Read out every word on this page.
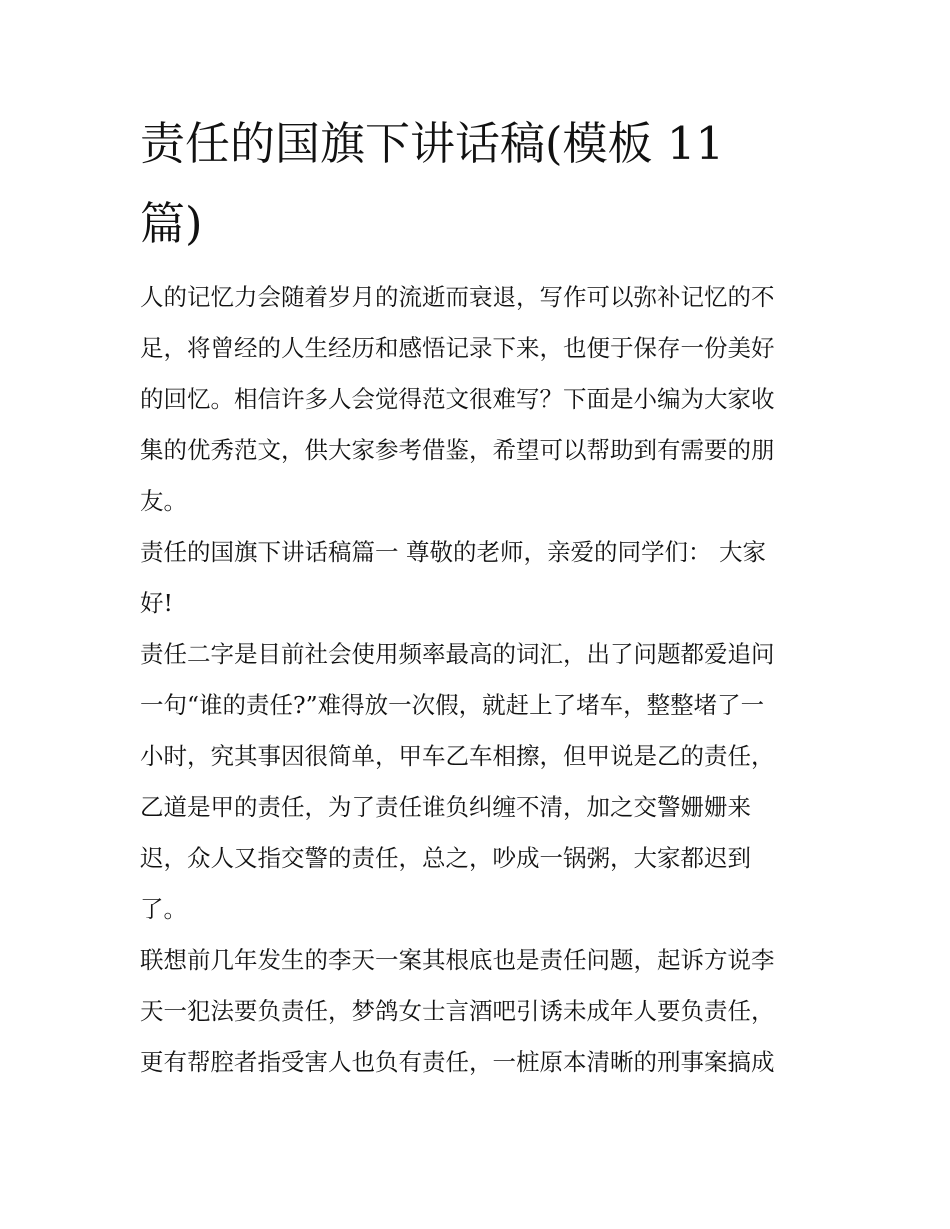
责任的国旗下讲话稿(模板 11
篇)
人的记忆力会随着岁月的流逝而衰退，写作可以弥补记忆的不
足，将曾经的人生经历和感悟记录下来，也便于保存一份美好
的回忆。相信许多人会觉得范文很难写？下面是小编为大家收
集的优秀范文，供大家参考借鉴，希望可以帮助到有需要的朋
友。
责任的国旗下讲话稿篇一 尊敬的老师，亲爱的同学们： 大家
好!
责任二字是目前社会使用频率最高的词汇，出了问题都爱追问
一句“谁的责任?”难得放一次假，就赶上了堵车，整整堵了一
小时，究其事因很简单，甲车乙车相擦，但甲说是乙的责任，
乙道是甲的责任，为了责任谁负纠缠不清，加之交警姗姗来
迟，众人又指交警的责任，总之，吵成一锅粥，大家都迟到
了。
联想前几年发生的李天一案其根底也是责任问题，起诉方说李
天一犯法要负责任，梦鸽女士言酒吧引诱未成年人要负责任，
更有帮腔者指受害人也负有责任，一桩原本清晰的刑事案搞成
